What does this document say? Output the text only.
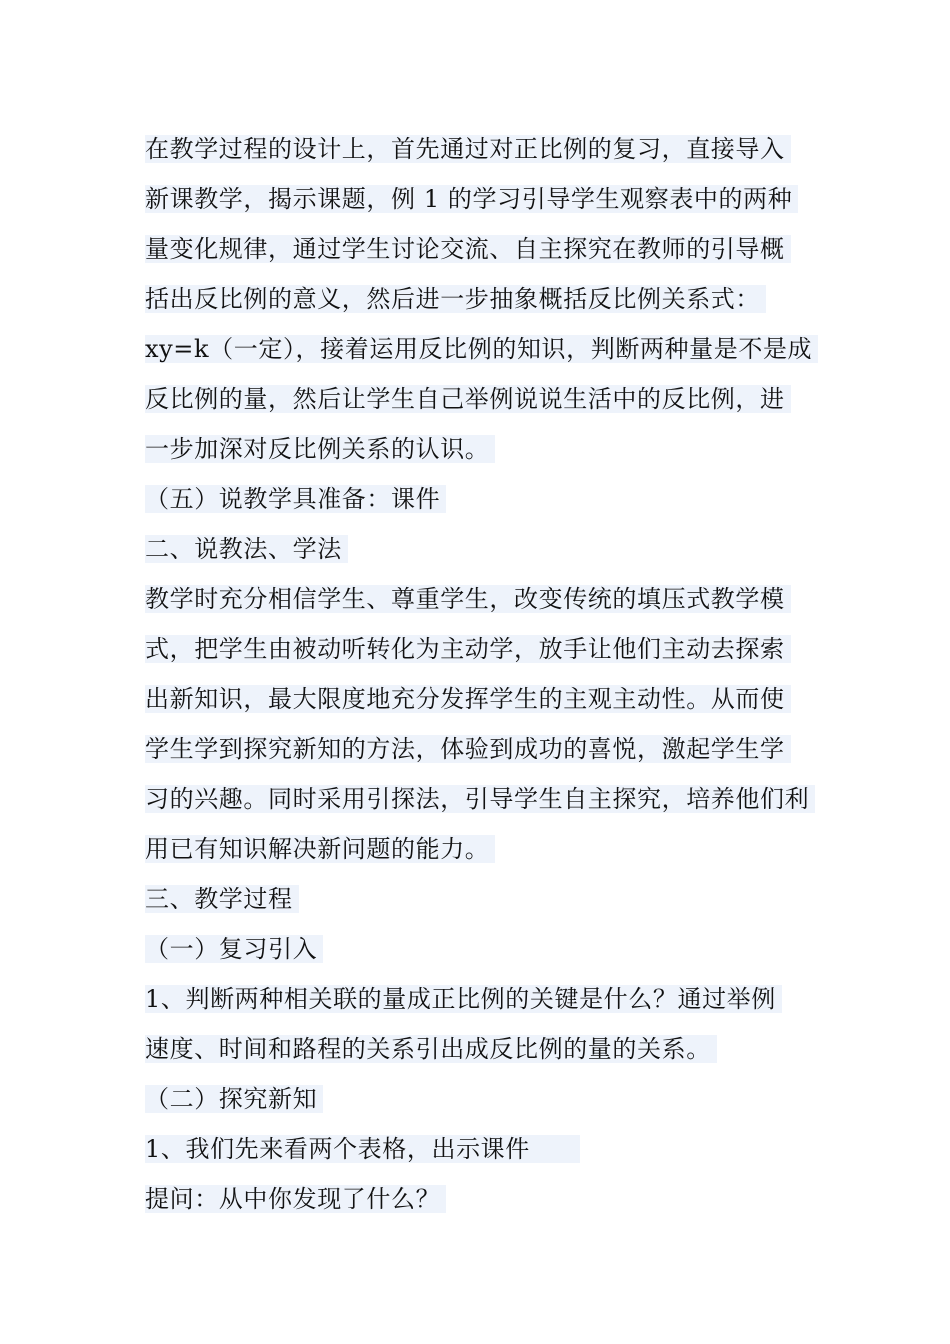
在教学过程的设计上，首先通过对正比例的复习，直接导入
新课教学，揭示课题，例 1 的学习引导学生观察表中的两种
量变化规律，通过学生讨论交流、自主探究在教师的引导概
括出反比例的意义，然后进一步抽象概括反比例关系式：
xy=k（一定），接着运用反比例的知识，判断两种量是不是成
反比例的量，然后让学生自己举例说说生活中的反比例，进
一步加深对反比例关系的认识。
（五）说教学具准备：课件
二、说教法、学法
教学时充分相信学生、尊重学生，改变传统的填压式教学模
式，把学生由被动听转化为主动学，放手让他们主动去探索
出新知识，最大限度地充分发挥学生的主观主动性。从而使
学生学到探究新知的方法，体验到成功的喜悦，激起学生学
习的兴趣。同时采用引探法，引导学生自主探究，培养他们利
用已有知识解决新问题的能力。
三、教学过程
（一）复习引入
1、判断两种相关联的量成正比例的关键是什么？通过举例
速度、时间和路程的关系引出成反比例的量的关系。
（二）探究新知
1、我们先来看两个表格，出示课件
提问：从中你发现了什么？
